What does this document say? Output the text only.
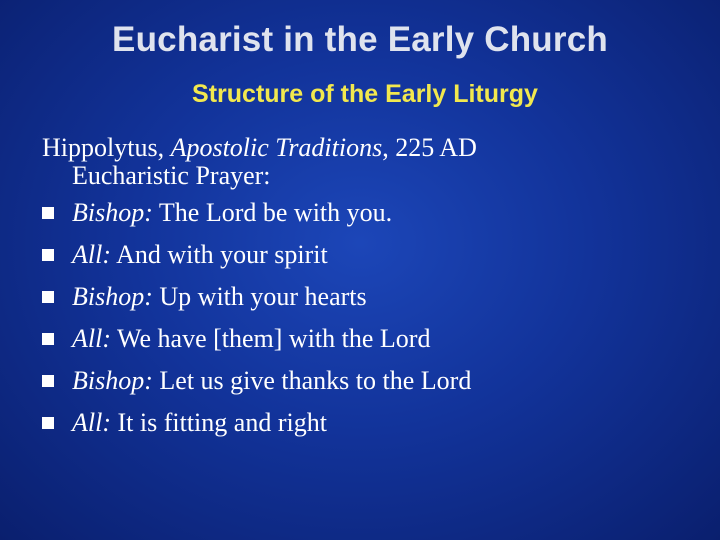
Eucharist in the Early Church
Structure of the Early Liturgy
Hippolytus, Apostolic Traditions, 225 AD
Eucharistic Prayer:
Bishop: The Lord be with you.
All: And with your spirit
Bishop: Up with your hearts
All: We have [them] with the Lord
Bishop: Let us give thanks to the Lord
All: It is fitting and right
